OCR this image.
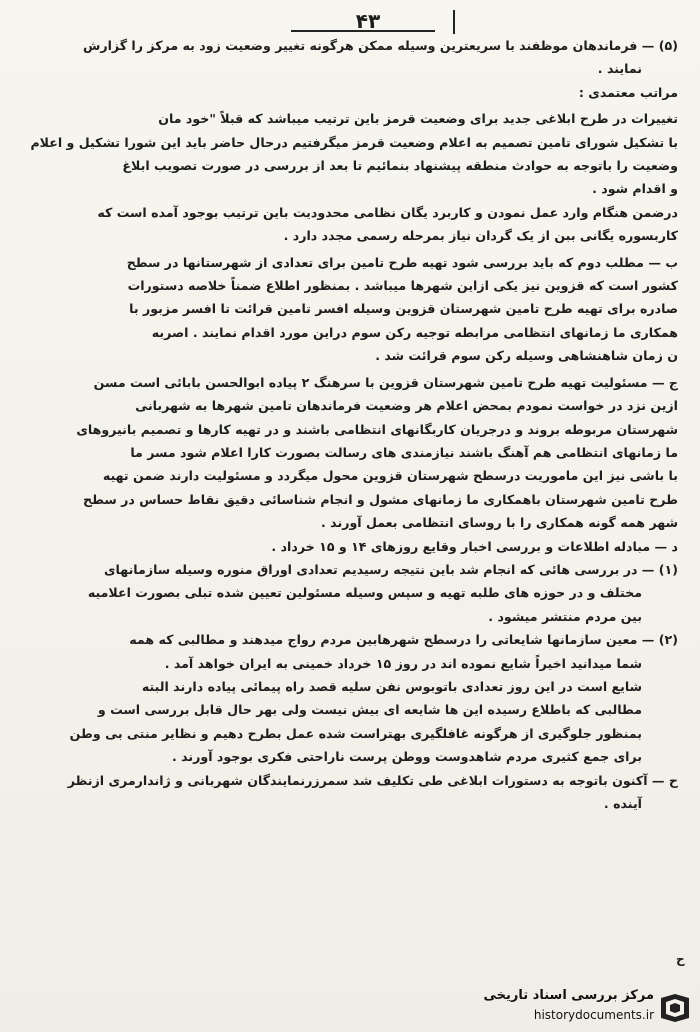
۴۳
(۵) — فرماندهان موظفند با سریعترین وسیله ممکن هرگونه تغییر وضعیت زود به مرکز را گزارش
نمایند .
مراتب معتمدی :
تغییرات در طرح ابلاغی جدید برای وضعیت قرمز باین ترتیب میباشد که قبلاً "خود مان
با تشکیل شورای تامین تصمیم به اعلام وضعیت قرمز میگرفتیم درحال حاضر باید این شورا تشکیل و اعلام
وضعیت را باتوجه به حوادث منطقه پیشنهاد بنمائیم تا بعد از بررسی در صورت تصویب ابلاغ
و اقدام شود .
درضمن هنگام وارد عمل نمودن و کاربرد یگان نظامی محدودیت باین ترتیب بوجود آمده است که
کاربسوره یگانی ببن از یک گردان نیاز بمرحله رسمی مجدد دارد .
ب — مطلب دوم که باید بررسی شود تهیه طرح تامین برای تعدادی از شهرستانها در سطح
کشور است که قزوین نیز یکی ازاین شهرها میباشد . بمنظور اطلاع ضمناً خلاصه دستورات
صادره برای تهیه طرح تامین شهرستان قزوین وسیله افسر تامین قرائت تا افسر مزبور با
همکاری ما زمانهای انتظامی مرابطه توجیه رکن سوم دراین مورد اقدام نمایند . اصربه
ن زمان شاهنشاهی وسیله رکن سوم قرائت شد .
ج — مسئولیت تهیه طرح تامین شهرستان قزوین با سرهنگ ۲ پیاده ابوالحسن بابائی است مسن
ازین نزد در خواست نمودم بمحض اعلام هر وضعیت فرماندهان تامین شهرها به شهربانی
شهرستان مربوطه بروند و درجریان کاربگانهای انتظامی باشند و در تهیه کارها و تصمیم بانیروهای
ما زمانهای انتظامی هم آهنگ باشند نیازمندی های رسالت بصورت کارا اعلام شود مسر ما
با باشی نیز این ماموریت درسطح شهرستان قزوین محول میگردد و مسئولیت دارند ضمن تهیه
طرح تامین شهرستان باهمکاری ما زمانهای مشول و انجام شناسائی دقیق نقاط حساس در سطح
شهر همه گونه همکاری را با روسای انتظامی بعمل آورند .
د — مبادله اطلاعات و بررسی اخبار وقایع روزهای ۱۴ و ۱۵ خرداد .
(۱) — در بررسی هائی که انجام شد باین نتیجه رسیدیم تعدادی اوراق منوره وسیله سازمانهای
مختلف و در حوزه های طلبه تهیه و سپس وسیله مسئولین تعیین شده تبلی بصورت اعلامیه
بین مردم منتشر میشود .
(۲) — معین سازمانها شایعاتی را درسطح شهرهابین مردم رواج میدهند و مطالبی که همه
شما میدانید اخیراً شایع نموده اند در روز ۱۵ خرداد خمینی به ایران خواهد آمد .
شایع است در این روز تعدادی باتوبوس نفن سلیه قصد راه پیمائی پیاده دارند البته
مطالبی که باطلاع رسیده این ها شایعه ای بیش نیست ولی بهر حال قابل بررسی است و
بمنظور جلوگیری از هرگونه غافلگیری بهتراست شده عمل بطرح دهیم و نظایر منتی بی وطن
برای جمع کثیری مردم شاهدوست ووطن پرست ناراحتی فکری بوجود آورند .
ح — آکنون باتوجه به دستورات ابلاغی طی تکلیف شد سمرزرنمایندگان شهربانی و ژاندارمری ازنظر
آینده .
ح
مرکز بررسی اسناد تاریخی
historydocuments.ir
